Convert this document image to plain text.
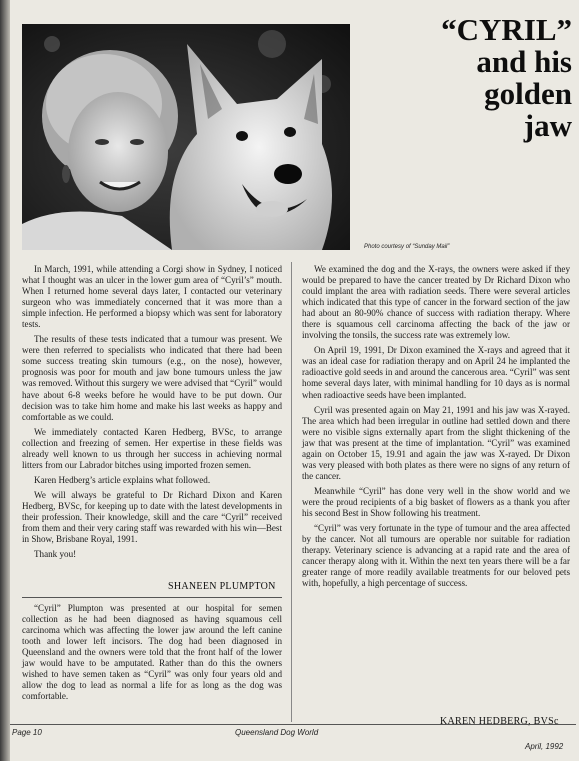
Photo courtesy of “Sunday Mail”
“CYRIL”
and his
golden
jaw

In March, 1991, while attending a Corgi show in Sydney, I noticed what I thought was an ulcer in the lower gum area of “Cyril’s” mouth. When I returned home several days later, I contacted our veterinary surgeon who was immediately concerned that it was more than a simple infection. He performed a biopsy which was sent for laboratory tests.

The results of these tests indicated that a tumour was present. We were then referred to specialists who indicated that there had been some success treating skin tumours (e.g., on the nose), however, prognosis was poor for mouth and jaw bone tumours unless the jaw was removed. Without this surgery we were advised that “Cyril” would have about 6-8 weeks before he would have to be put down. Our decision was to take him home and make his last weeks as happy and comfortable as we could.

We immediately contacted Karen Hedberg, BVSc, to arrange collection and freezing of semen. Her expertise in these fields was already well known to us through her success in achieving normal litters from our Labrador bitches using imported frozen semen.

Karen Hedberg’s article explains what followed.

We will always be grateful to Dr Richard Dixon and Karen Hedberg, BVSc, for keeping up to date with the latest developments in their profession. Their knowledge, skill and the care “Cyril” received from them and their very caring staff was rewarded with his win—Best in Show, Brisbane Royal, 1991.

Thank you!

SHANEEN PLUMPTON

“Cyril” Plumpton was presented at our hospital for semen collection as he had been diagnosed as having squamous cell carcinoma which was affecting the lower jaw around the left canine tooth and lower left incisors. The dog had been diagnosed in Queensland and the owners were told that the front half of the lower jaw would have to be amputated. Rather than do this the owners wished to have semen taken as “Cyril” was only four years old and allow the dog to lead as normal a life for as long as the dog was comfortable.

We examined the dog and the X-rays, the owners were asked if they would be prepared to have the cancer treated by Dr Richard Dixon who could implant the area with radiation seeds. There were several articles which indicated that this type of cancer in the forward section of the jaw had about an 80-90% chance of success with radiation therapy. Where there is squamous cell carcinoma affecting the back of the jaw or involving the tonsils, the success rate was extremely low.

On April 19, 1991, Dr Dixon examined the X-rays and agreed that it was an ideal case for radiation therapy and on April 24 he implanted the radioactive gold seeds in and around the cancerous area. “Cyril” was sent home several days later, with minimal handling for 10 days as is normal when radioactive seeds have been implanted.

Cyril was presented again on May 21, 1991 and his jaw was X-rayed. The area which had been irregular in outline had settled down and there were no visible signs externally apart from the slight thickening of the jaw that was present at the time of implantation. “Cyril” was examined again on October 15, 19.91 and again the jaw was X-rayed. Dr Dixon was very pleased with both plates as there were no signs of any return of the cancer.

Meanwhile “Cyril” has done very well in the show world and we were the proud recipients of a big basket of flowers as a thank you after his second Best in Show following his treatment.

“Cyril” was very fortunate in the type of tumour and the area affected by the cancer. Not all tumours are operable nor suitable for radiation therapy. Veterinary science is advancing at a rapid rate and the area of cancer therapy along with it. Within the next ten years there will be a far greater range of more readily available treatments for our beloved pets with, hopefully, a high percentage of success.

KAREN HEDBERG, BVSc
Page 10	Queensland Dog World
April, 1992
